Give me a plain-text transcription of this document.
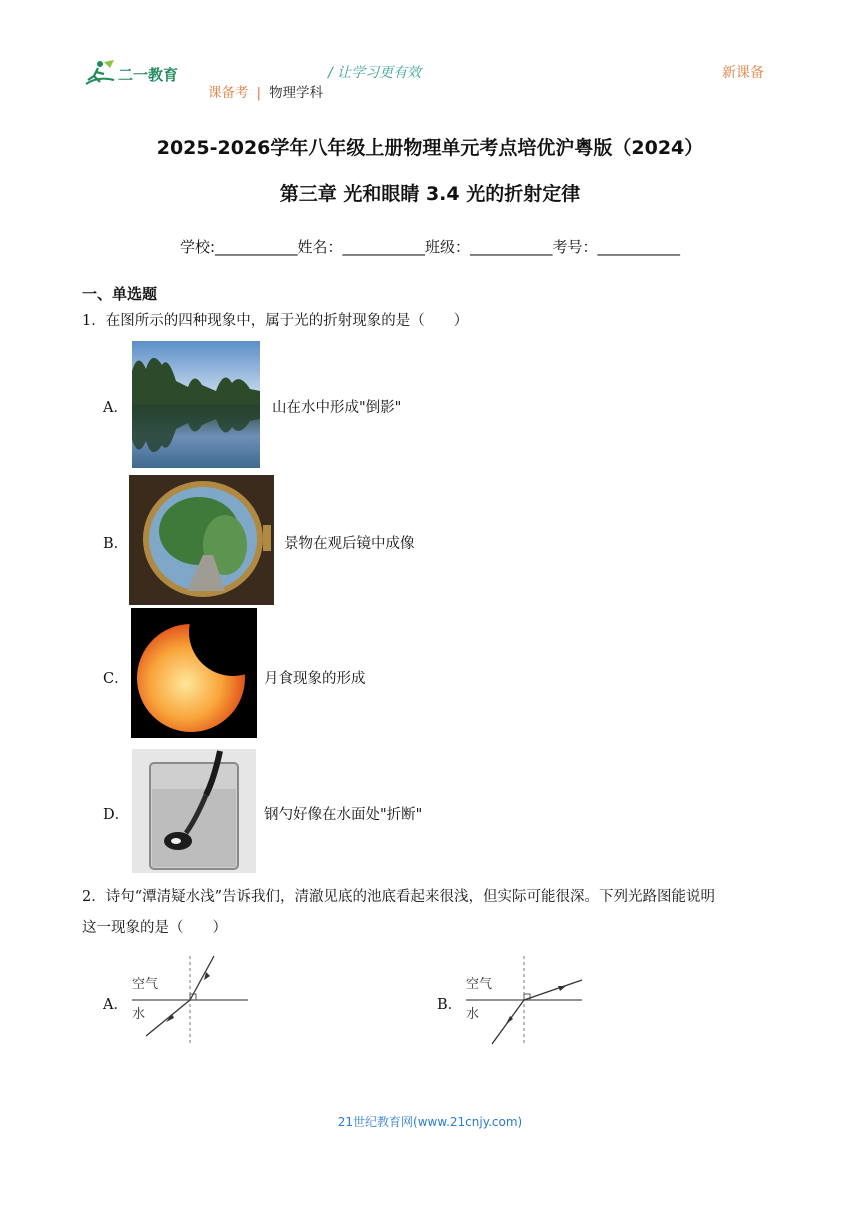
二一教育	/ 让学习更有效	新课备
课备考 | 物理学科
2025-2026学年八年级上册物理单元考点培优沪粤版（2024）
第三章 光和眼睛 3.4 光的折射定律
学校:___________姓名：___________班级：___________考号：___________
一、单选题
1．在图所示的四种现象中，属于光的折射现象的是（　　）
A．	山在水中形成"倒影"
B．	景物在观后镜中成像
C．	月食现象的形成
D．	钢勺好像在水面处"折断"
2．诗句“潭清疑水浅”告诉我们，清澈见底的池底看起来很浅，但实际可能很深。下列光路图能说明
这一现象的是（　　）
A．
空气
水
B．
空气
水
21世纪教育网(www.21cnjy.com)
